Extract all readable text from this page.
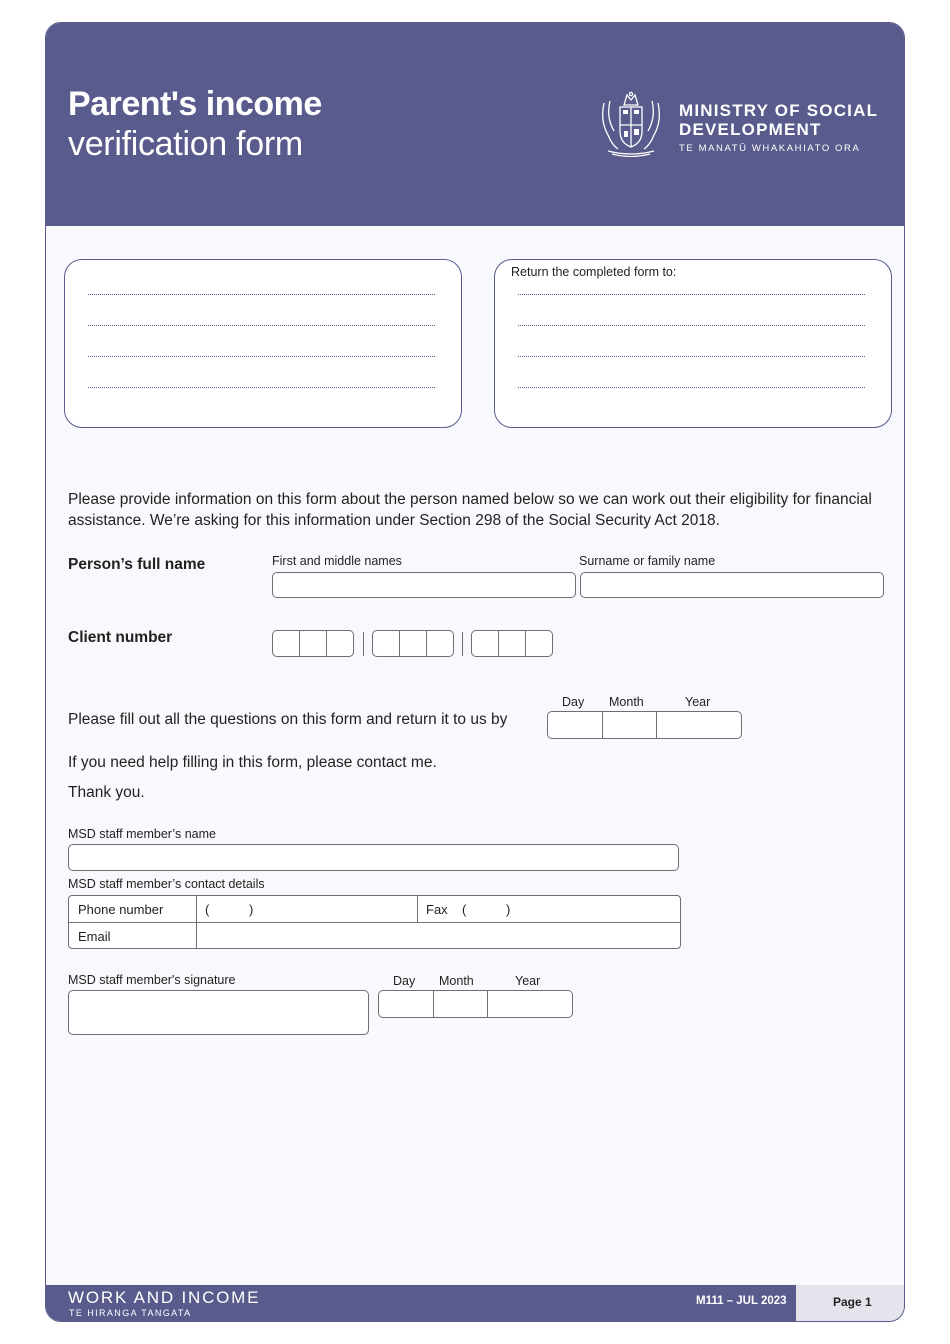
Parent's income
verification form
MINISTRY OF SOCIAL
DEVELOPMENT
TE MANATŪ WHAKAHIATO ORA
Return the completed form to:
Please provide information on this form about the person named below so we can work out their eligibility for financial assistance. We’re asking for this information under Section 298 of the Social Security Act 2018.
Person’s full name	First and middle names	Surname or family name
Client number
Please fill out all the questions on this form and return it to us by
Day Month	Year
If you need help filling in this form, please contact me.
Thank you.
MSD staff member’s name
MSD staff member’s contact details
Phone number	(           )	Fax (           )
Email
MSD staff member's signature	Day Month	Year
WORK AND INCOME
TE HIRANGA TANGATA
M111 – JUL 2023	Page 1
